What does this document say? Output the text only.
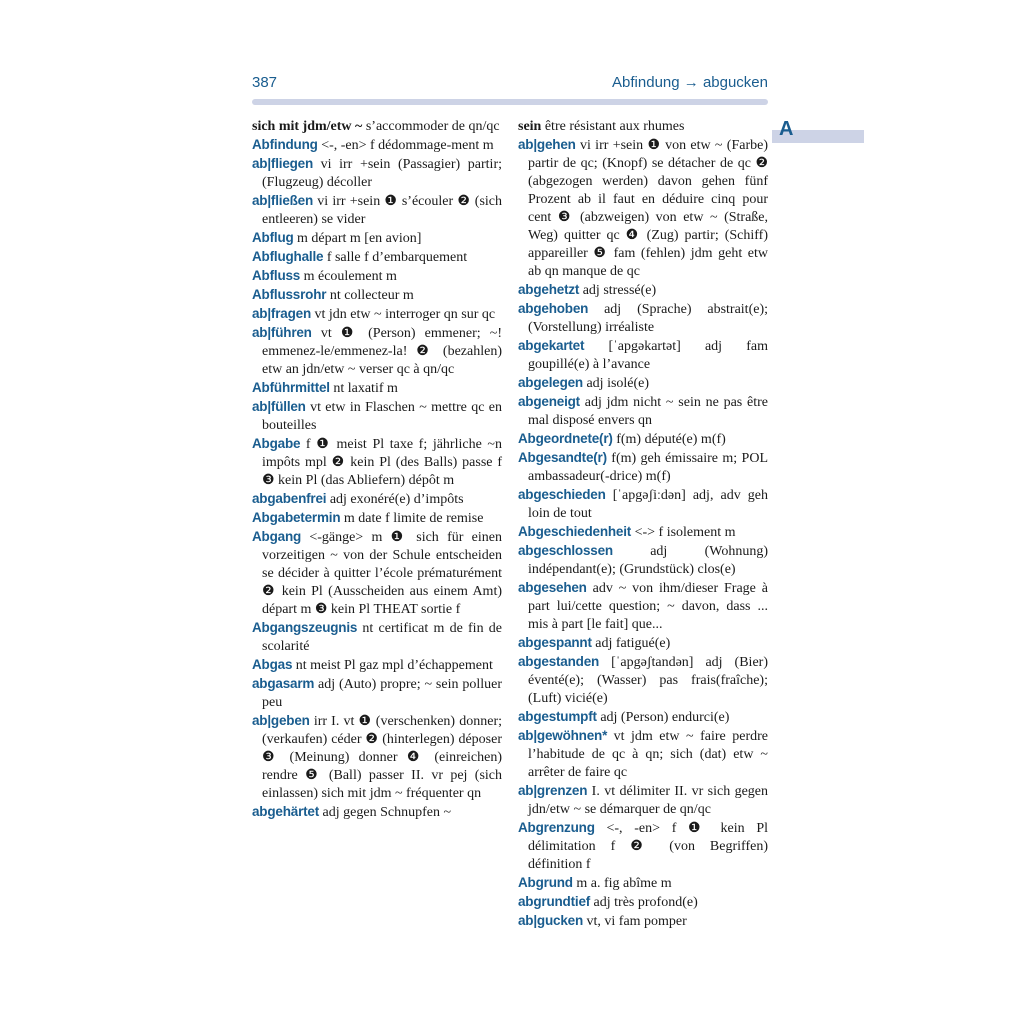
387	Abfindung → abgucken
A

sich mit jdm/etw ~ s’accommoder de qn/qc

Abfindung <-, -en> f dédommage-ment m

ab|fliegen vi irr +sein (Passagier) partir; (Flugzeug) décoller

ab|fließen vi irr +sein ❶ s’écouler ❷ (sich entleeren) se vider

Abflug m départ m [en avion]

Abflughalle f salle f d’embarquement

Abfluss m écoulement m

Abflussrohr nt collecteur m

ab|fragen vt jdn etw ~ interroger qn sur qc

ab|führen vt ❶ (Person) emmener; ~! emmenez-le/emmenez-la! ❷ (bezahlen) etw an jdn/etw ~ verser qc à qn/qc

Abführmittel nt laxatif m

ab|füllen vt etw in Flaschen ~ mettre qc en bouteilles

Abgabe f ❶ meist Pl taxe f; jährliche ~n impôts mpl ❷ kein Pl (des Balls) passe f ❸ kein Pl (das Abliefern) dépôt m

abgabenfrei adj exonéré(e) d’impôts

Abgabetermin m date f limite de remise

Abgang <-gänge> m ❶ sich für einen vorzeitigen ~ von der Schule entscheiden se décider à quitter l’école prématurément ❷ kein Pl (Ausscheiden aus einem Amt) départ m ❸ kein Pl THEAT sortie f

Abgangszeugnis nt certificat m de fin de scolarité

Abgas nt meist Pl gaz mpl d’échappement

abgasarm adj (Auto) propre; ~ sein polluer peu

ab|geben irr I. vt ❶ (verschenken) donner; (verkaufen) céder ❷ (hinterlegen) déposer ❸ (Meinung) donner ❹ (einreichen) rendre ❺ (Ball) passer II. vr pej (sich einlassen) sich mit jdm ~ fréquenter qn

abgehärtet adj gegen Schnupfen ~

sein être résistant aux rhumes

ab|gehen vi irr +sein ❶ von etw ~ (Farbe) partir de qc; (Knopf) se détacher de qc ❷ (abgezogen werden) davon gehen fünf Prozent ab il faut en déduire cinq pour cent ❸ (abzweigen) von etw ~ (Straße, Weg) quitter qc ❹ (Zug) partir; (Schiff) appareiller ❺ fam (fehlen) jdm geht etw ab qn manque de qc

abgehetzt adj stressé(e)

abgehoben adj (Sprache) abstrait(e); (Vorstellung) irréaliste

abgekartet [ˈapgəkartət] adj fam goupillé(e) à l’avance

abgelegen adj isolé(e)

abgeneigt adj jdm nicht ~ sein ne pas être mal disposé envers qn

Abgeordnete(r) f(m) député(e) m(f)

Abgesandte(r) f(m) geh émissaire m; POL ambassadeur(-drice) m(f)

abgeschieden [ˈapgəʃiːdən] adj, adv geh loin de tout

Abgeschiedenheit <-> f isolement m

abgeschlossen adj (Wohnung) indépendant(e); (Grundstück) clos(e)

abgesehen adv ~ von ihm/dieser Frage à part lui/cette question; ~ davon, dass ... mis à part [le fait] que...

abgespannt adj fatigué(e)

abgestanden [ˈapgəʃtandən] adj (Bier) éventé(e); (Wasser) pas frais(fraîche); (Luft) vicié(e)

abgestumpft adj (Person) endurci(e)

ab|gewöhnen* vt jdm etw ~ faire perdre l’habitude de qc à qn; sich (dat) etw ~ arrêter de faire qc

ab|grenzen I. vt délimiter II. vr sich gegen jdn/etw ~ se démarquer de qn/qc

Abgrenzung <-, -en> f ❶ kein Pl délimitation f ❷ (von Begriffen) définition f

Abgrund m a. fig abîme m

abgrundtief adj très profond(e)

ab|gucken vt, vi fam pomper
